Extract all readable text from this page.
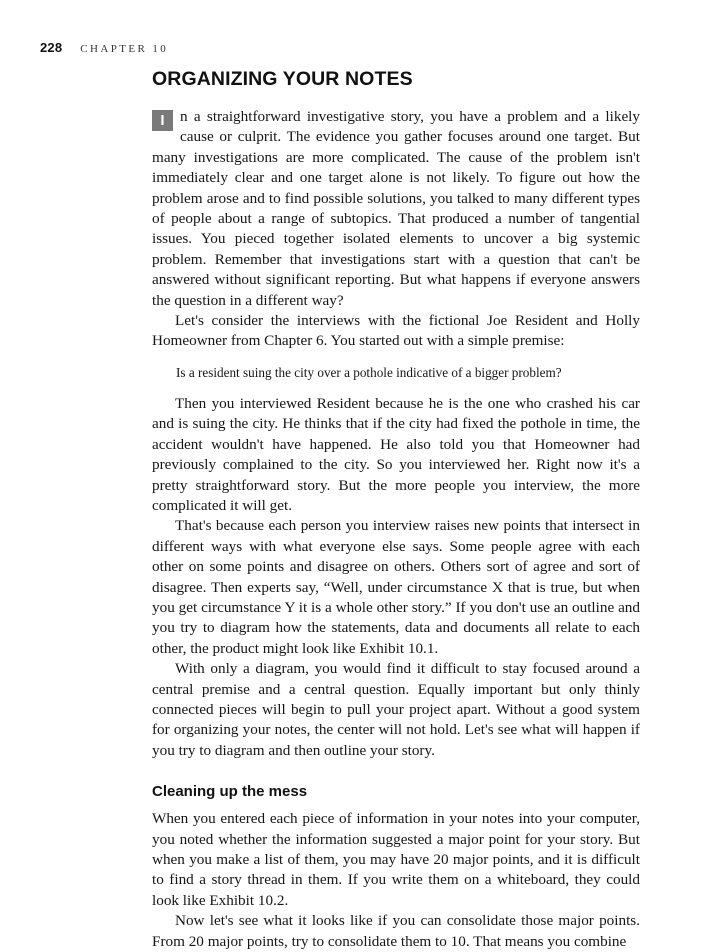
228 CHAPTER 10
ORGANIZING YOUR NOTES

I	n a straightforward investigative story, you have a problem and a likely cause or culprit. The evidence you gather focuses around one target. But many investigations are more complicated. The cause of the problem isn't immediately clear and one target alone is not likely. To figure out how the problem arose and to find possible solutions, you talked to many different types of people about a range of subtopics. That produced a number of tangential issues. You pieced together isolated elements to uncover a big systemic problem. Remember that investigations start with a question that can't be answered without significant reporting. But what happens if everyone answers the question in a different way?

Let's consider the interviews with the fictional Joe Resident and Holly Homeowner from Chapter 6. You started out with a simple premise:

Is a resident suing the city over a pothole indicative of a bigger problem?

Then you interviewed Resident because he is the one who crashed his car and is suing the city. He thinks that if the city had fixed the pothole in time, the accident wouldn't have happened. He also told you that Homeowner had previously complained to the city. So you interviewed her. Right now it's a pretty straightforward story. But the more people you interview, the more complicated it will get.

That's because each person you interview raises new points that intersect in different ways with what everyone else says. Some people agree with each other on some points and disagree on others. Others sort of agree and sort of disagree. Then experts say, “Well, under circumstance X that is true, but when you get circumstance Y it is a whole other story.” If you don't use an outline and you try to diagram how the statements, data and documents all relate to each other, the product might look like Exhibit 10.1.

With only a diagram, you would find it difficult to stay focused around a central premise and a central question. Equally important but only thinly connected pieces will begin to pull your project apart. Without a good system for organizing your notes, the center will not hold. Let's see what will happen if you try to diagram and then outline your story.

Cleaning up the mess

When you entered each piece of information in your notes into your computer, you noted whether the information suggested a major point for your story. But when you make a list of them, you may have 20 major points, and it is difficult to find a story thread in them. If you write them on a whiteboard, they could look like Exhibit 10.2.

Now let's see what it looks like if you can consolidate those major points. From 20 major points, try to consolidate them to 10. That means you combine
